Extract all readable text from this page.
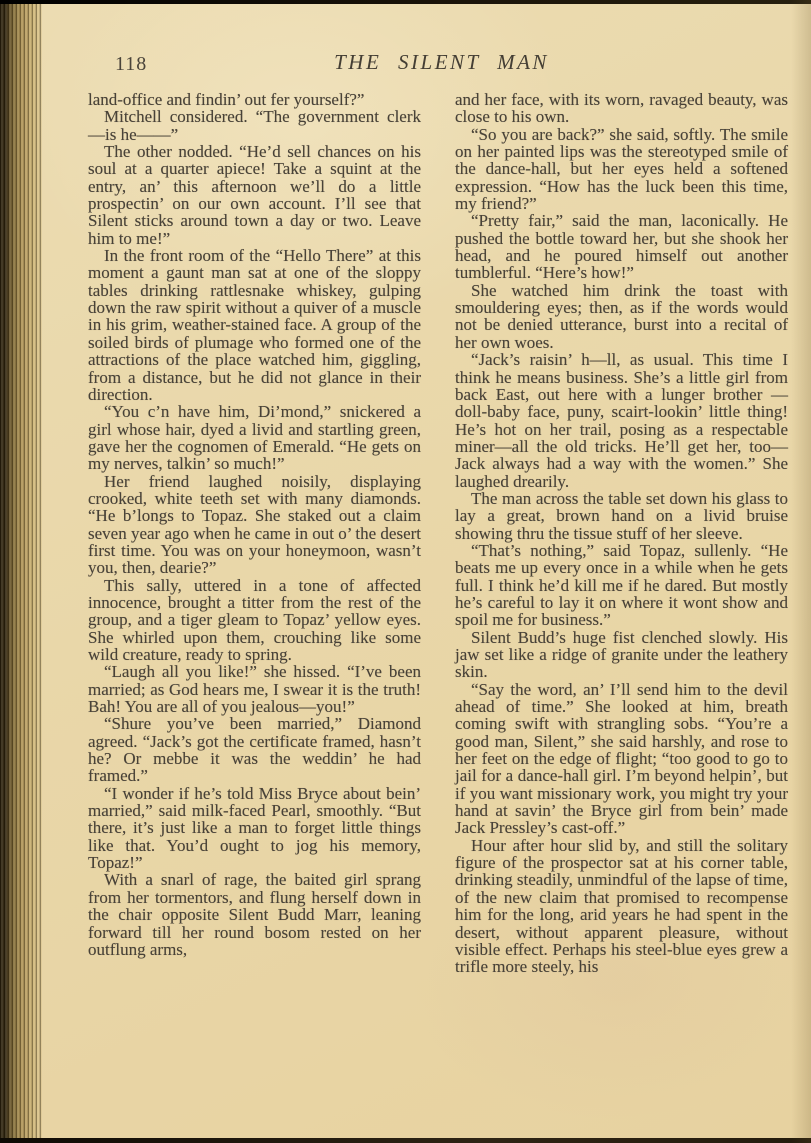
118	THE SILENT MAN

land-office and findin’ out fer yourself?”

Mitchell considered. “The government clerk—is he——”

The other nodded. “He’d sell chances on his soul at a quarter apiece! Take a squint at the entry, an’ this afternoon we’ll do a little prospectin’ on our own account. I’ll see that Silent sticks around town a day or two. Leave him to me!”

In the front room of the “Hello There” at this moment a gaunt man sat at one of the sloppy tables drinking rattlesnake whiskey, gulping down the raw spirit without a quiver of a muscle in his grim, weather-stained face. A group of the soiled birds of plumage who formed one of the attractions of the place watched him, giggling, from a distance, but he did not glance in their direction.

“You c’n have him, Di’mond,” snickered a girl whose hair, dyed a livid and startling green, gave her the cognomen of Emerald. “He gets on my nerves, talkin’ so much!”

Her friend laughed noisily, displaying crooked, white teeth set with many diamonds. “He b’longs to Topaz. She staked out a claim seven year ago when he came in out o’ the desert first time. You was on your honeymoon, wasn’t you, then, dearie?”

This sally, uttered in a tone of affected innocence, brought a titter from the rest of the group, and a tiger gleam to Topaz’ yellow eyes. She whirled upon them, crouching like some wild creature, ready to spring.

“Laugh all you like!” she hissed. “I’ve been married; as God hears me, I swear it is the truth! Bah! You are all of you jealous—you!”

“Shure you’ve been married,” Diamond agreed. “Jack’s got the certificate framed, hasn’t he? Or mebbe it was the weddin’ he had framed.”

“I wonder if he’s told Miss Bryce about bein’ married,” said milk-faced Pearl, smoothly. “But there, it’s just like a man to forget little things like that. You’d ought to jog his memory, Topaz!”

With a snarl of rage, the baited girl sprang from her tormentors, and flung herself down in the chair opposite Silent Budd Marr, leaning forward till her round bosom rested on her outflung arms,

and her face, with its worn, ravaged beauty, was close to his own.

“So you are back?” she said, softly. The smile on her painted lips was the stereotyped smile of the dance-hall, but her eyes held a softened expression. “How has the luck been this time, my friend?”

“Pretty fair,” said the man, laconically. He pushed the bottle toward her, but she shook her head, and he poured himself out another tumblerful. “Here’s how!”

She watched him drink the toast with smouldering eyes; then, as if the words would not be denied utterance, burst into a recital of her own woes.

“Jack’s raisin’ h—ll, as usual. This time I think he means business. She’s a little girl from back East, out here with a lunger brother — doll-baby face, puny, scairt-lookin’ little thing! He’s hot on her trail, posing as a respectable miner—all the old tricks. He’ll get her, too—Jack always had a way with the women.” She laughed drearily.

The man across the table set down his glass to lay a great, brown hand on a livid bruise showing thru the tissue stuff of her sleeve.

“That’s nothing,” said Topaz, sullenly. “He beats me up every once in a while when he gets full. I think he’d kill me if he dared. But mostly he’s careful to lay it on where it wont show and spoil me for business.”

Silent Budd’s huge fist clenched slowly. His jaw set like a ridge of granite under the leathery skin.

“Say the word, an’ I’ll send him to the devil ahead of time.” She looked at him, breath coming swift with strangling sobs. “You’re a good man, Silent,” she said harshly, and rose to her feet on the edge of flight; “too good to go to jail for a dance-hall girl. I’m beyond helpin’, but if you want missionary work, you might try your hand at savin’ the Bryce girl from bein’ made Jack Pressley’s cast-off.”

Hour after hour slid by, and still the solitary figure of the prospector sat at his corner table, drinking steadily, unmindful of the lapse of time, of the new claim that promised to recompense him for the long, arid years he had spent in the desert, without apparent pleasure, without visible effect. Perhaps his steel-blue eyes grew a trifle more steely, his
